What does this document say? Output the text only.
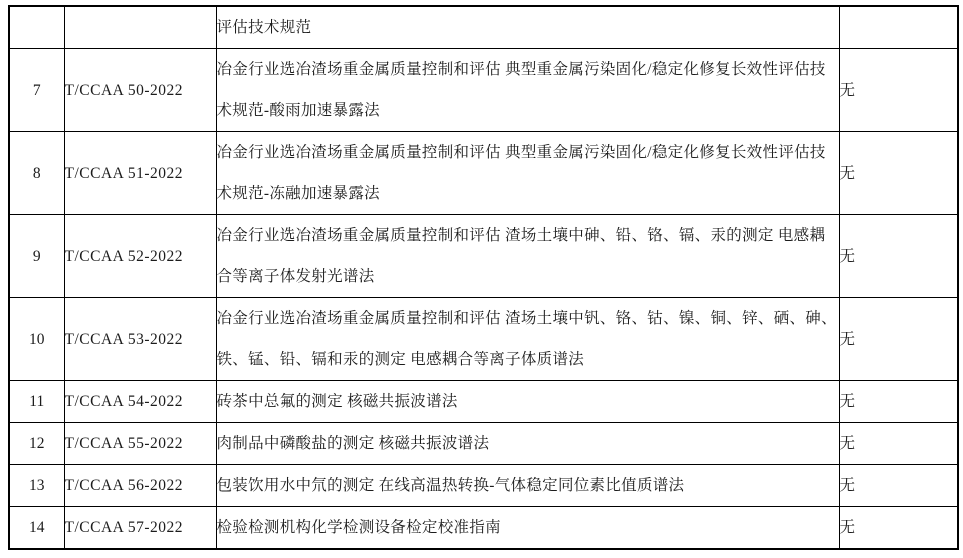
		评估技术规范	
7	T/CCAA 50-2022	冶金行业选冶渣场重金属质量控制和评估 典型重金属污染固化/稳定化修复长效性评估技术规范-酸雨加速暴露法	无
8	T/CCAA 51-2022	冶金行业选冶渣场重金属质量控制和评估 典型重金属污染固化/稳定化修复长效性评估技术规范-冻融加速暴露法	无
9	T/CCAA 52-2022	冶金行业选冶渣场重金属质量控制和评估 渣场土壤中砷、铅、铬、镉、汞的测定 电感耦合等离子体发射光谱法	无
10	T/CCAA 53-2022	冶金行业选冶渣场重金属质量控制和评估 渣场土壤中钒、铬、钴、镍、铜、锌、硒、砷、铁、锰、铅、镉和汞的测定 电感耦合等离子体质谱法	无
11	T/CCAA 54-2022	砖茶中总氟的测定 核磁共振波谱法	无
12	T/CCAA 55-2022	肉制品中磷酸盐的测定 核磁共振波谱法	无
13	T/CCAA 56-2022	包装饮用水中氘的测定 在线高温热转换-气体稳定同位素比值质谱法	无
14	T/CCAA 57-2022	检验检测机构化学检测设备检定校准指南	无
